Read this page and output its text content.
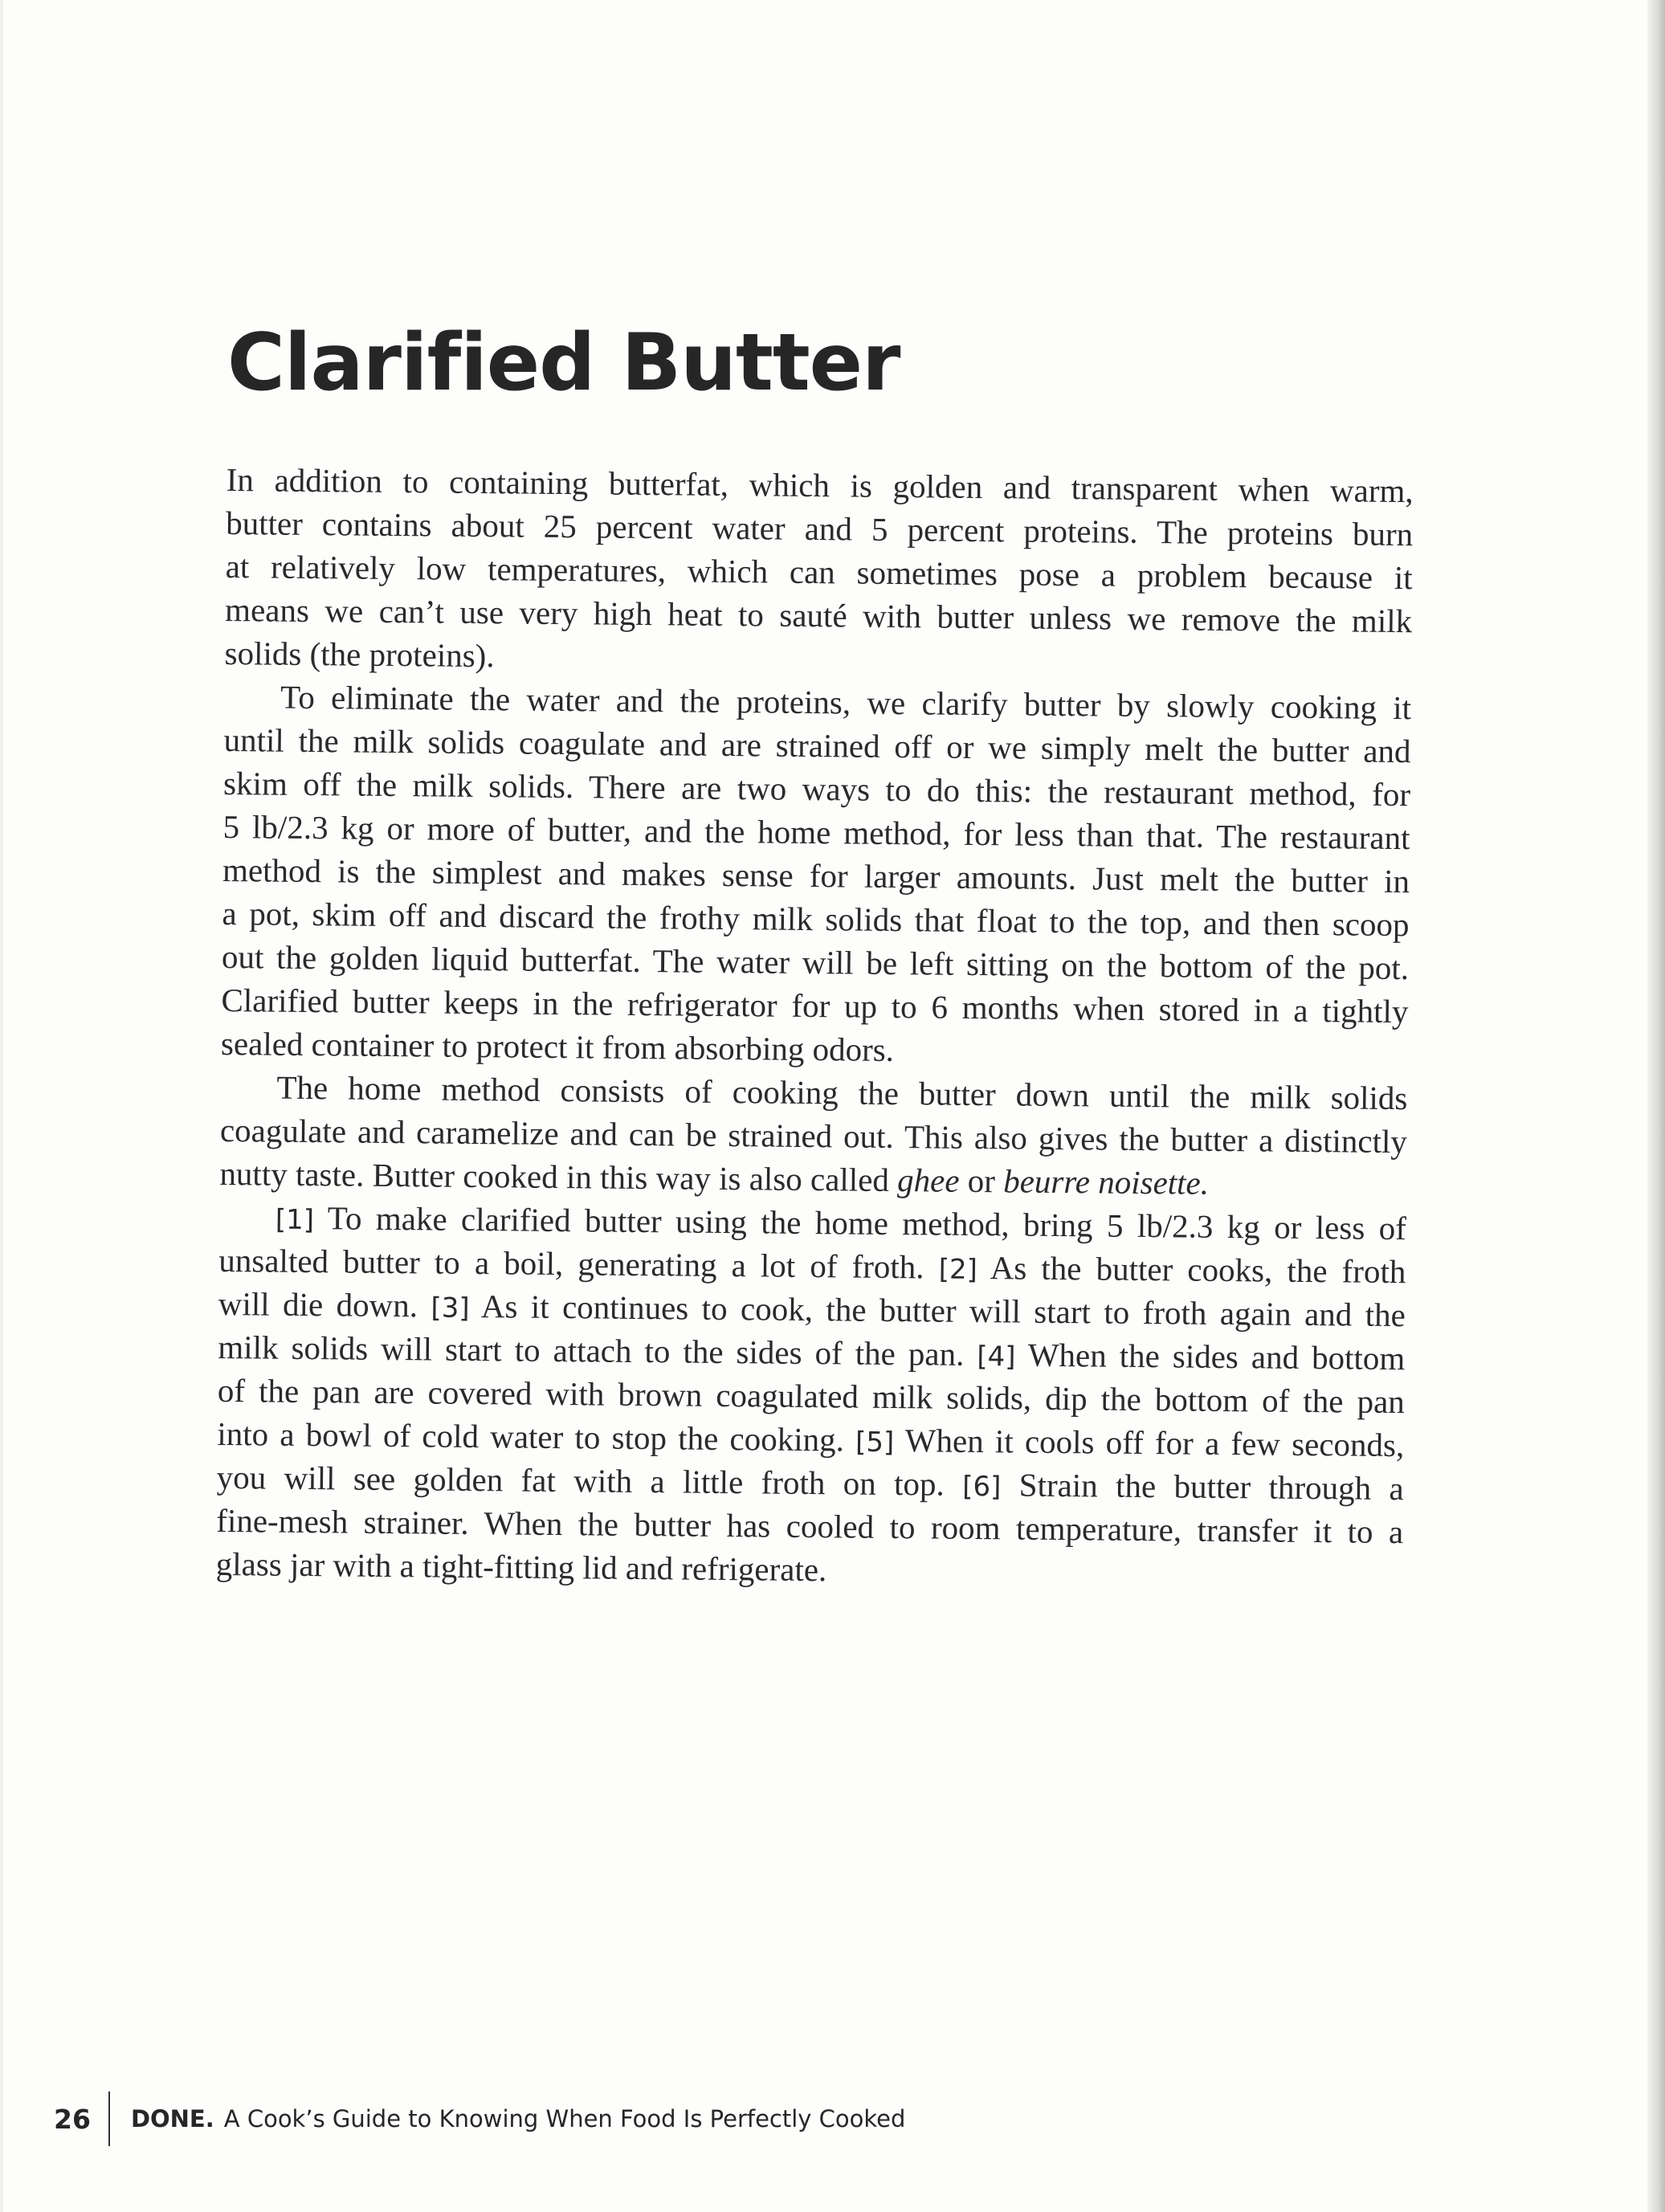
Clarified Butter
In addition to containing butterfat, which is golden and transparent when warm,
butter contains about 25 percent water and 5 percent proteins. The proteins burn
at relatively low temperatures, which can sometimes pose a problem because it
means we can’t use very high heat to sauté with butter unless we remove the milk
solids (the proteins).
To eliminate the water and the proteins, we clarify butter by slowly cooking it
until the milk solids coagulate and are strained off or we simply melt the butter and
skim off the milk solids. There are two ways to do this: the restaurant method, for
5 lb/2.3 kg or more of butter, and the home method, for less than that. The restaurant
method is the simplest and makes sense for larger amounts. Just melt the butter in
a pot, skim off and discard the frothy milk solids that float to the top, and then scoop
out the golden liquid butterfat. The water will be left sitting on the bottom of the pot.
Clarified butter keeps in the refrigerator for up to 6 months when stored in a tightly
sealed container to protect it from absorbing odors.
The home method consists of cooking the butter down until the milk solids
coagulate and caramelize and can be strained out. This also gives the butter a distinctly
nutty taste. Butter cooked in this way is also called ghee or beurre noisette.
[1] To make clarified butter using the home method, bring 5 lb/2.3 kg or less of
unsalted butter to a boil, generating a lot of froth. [2] As the butter cooks, the froth
will die down. [3] As it continues to cook, the butter will start to froth again and the
milk solids will start to attach to the sides of the pan. [4] When the sides and bottom
of the pan are covered with brown coagulated milk solids, dip the bottom of the pan
into a bowl of cold water to stop the cooking. [5] When it cools off for a few seconds,
you will see golden fat with a little froth on top. [6] Strain the butter through a
fine-mesh strainer. When the butter has cooled to room temperature, transfer it to a
glass jar with a tight-fitting lid and refrigerate.
26 DONE. A Cook’s Guide to Knowing When Food Is Perfectly Cooked
